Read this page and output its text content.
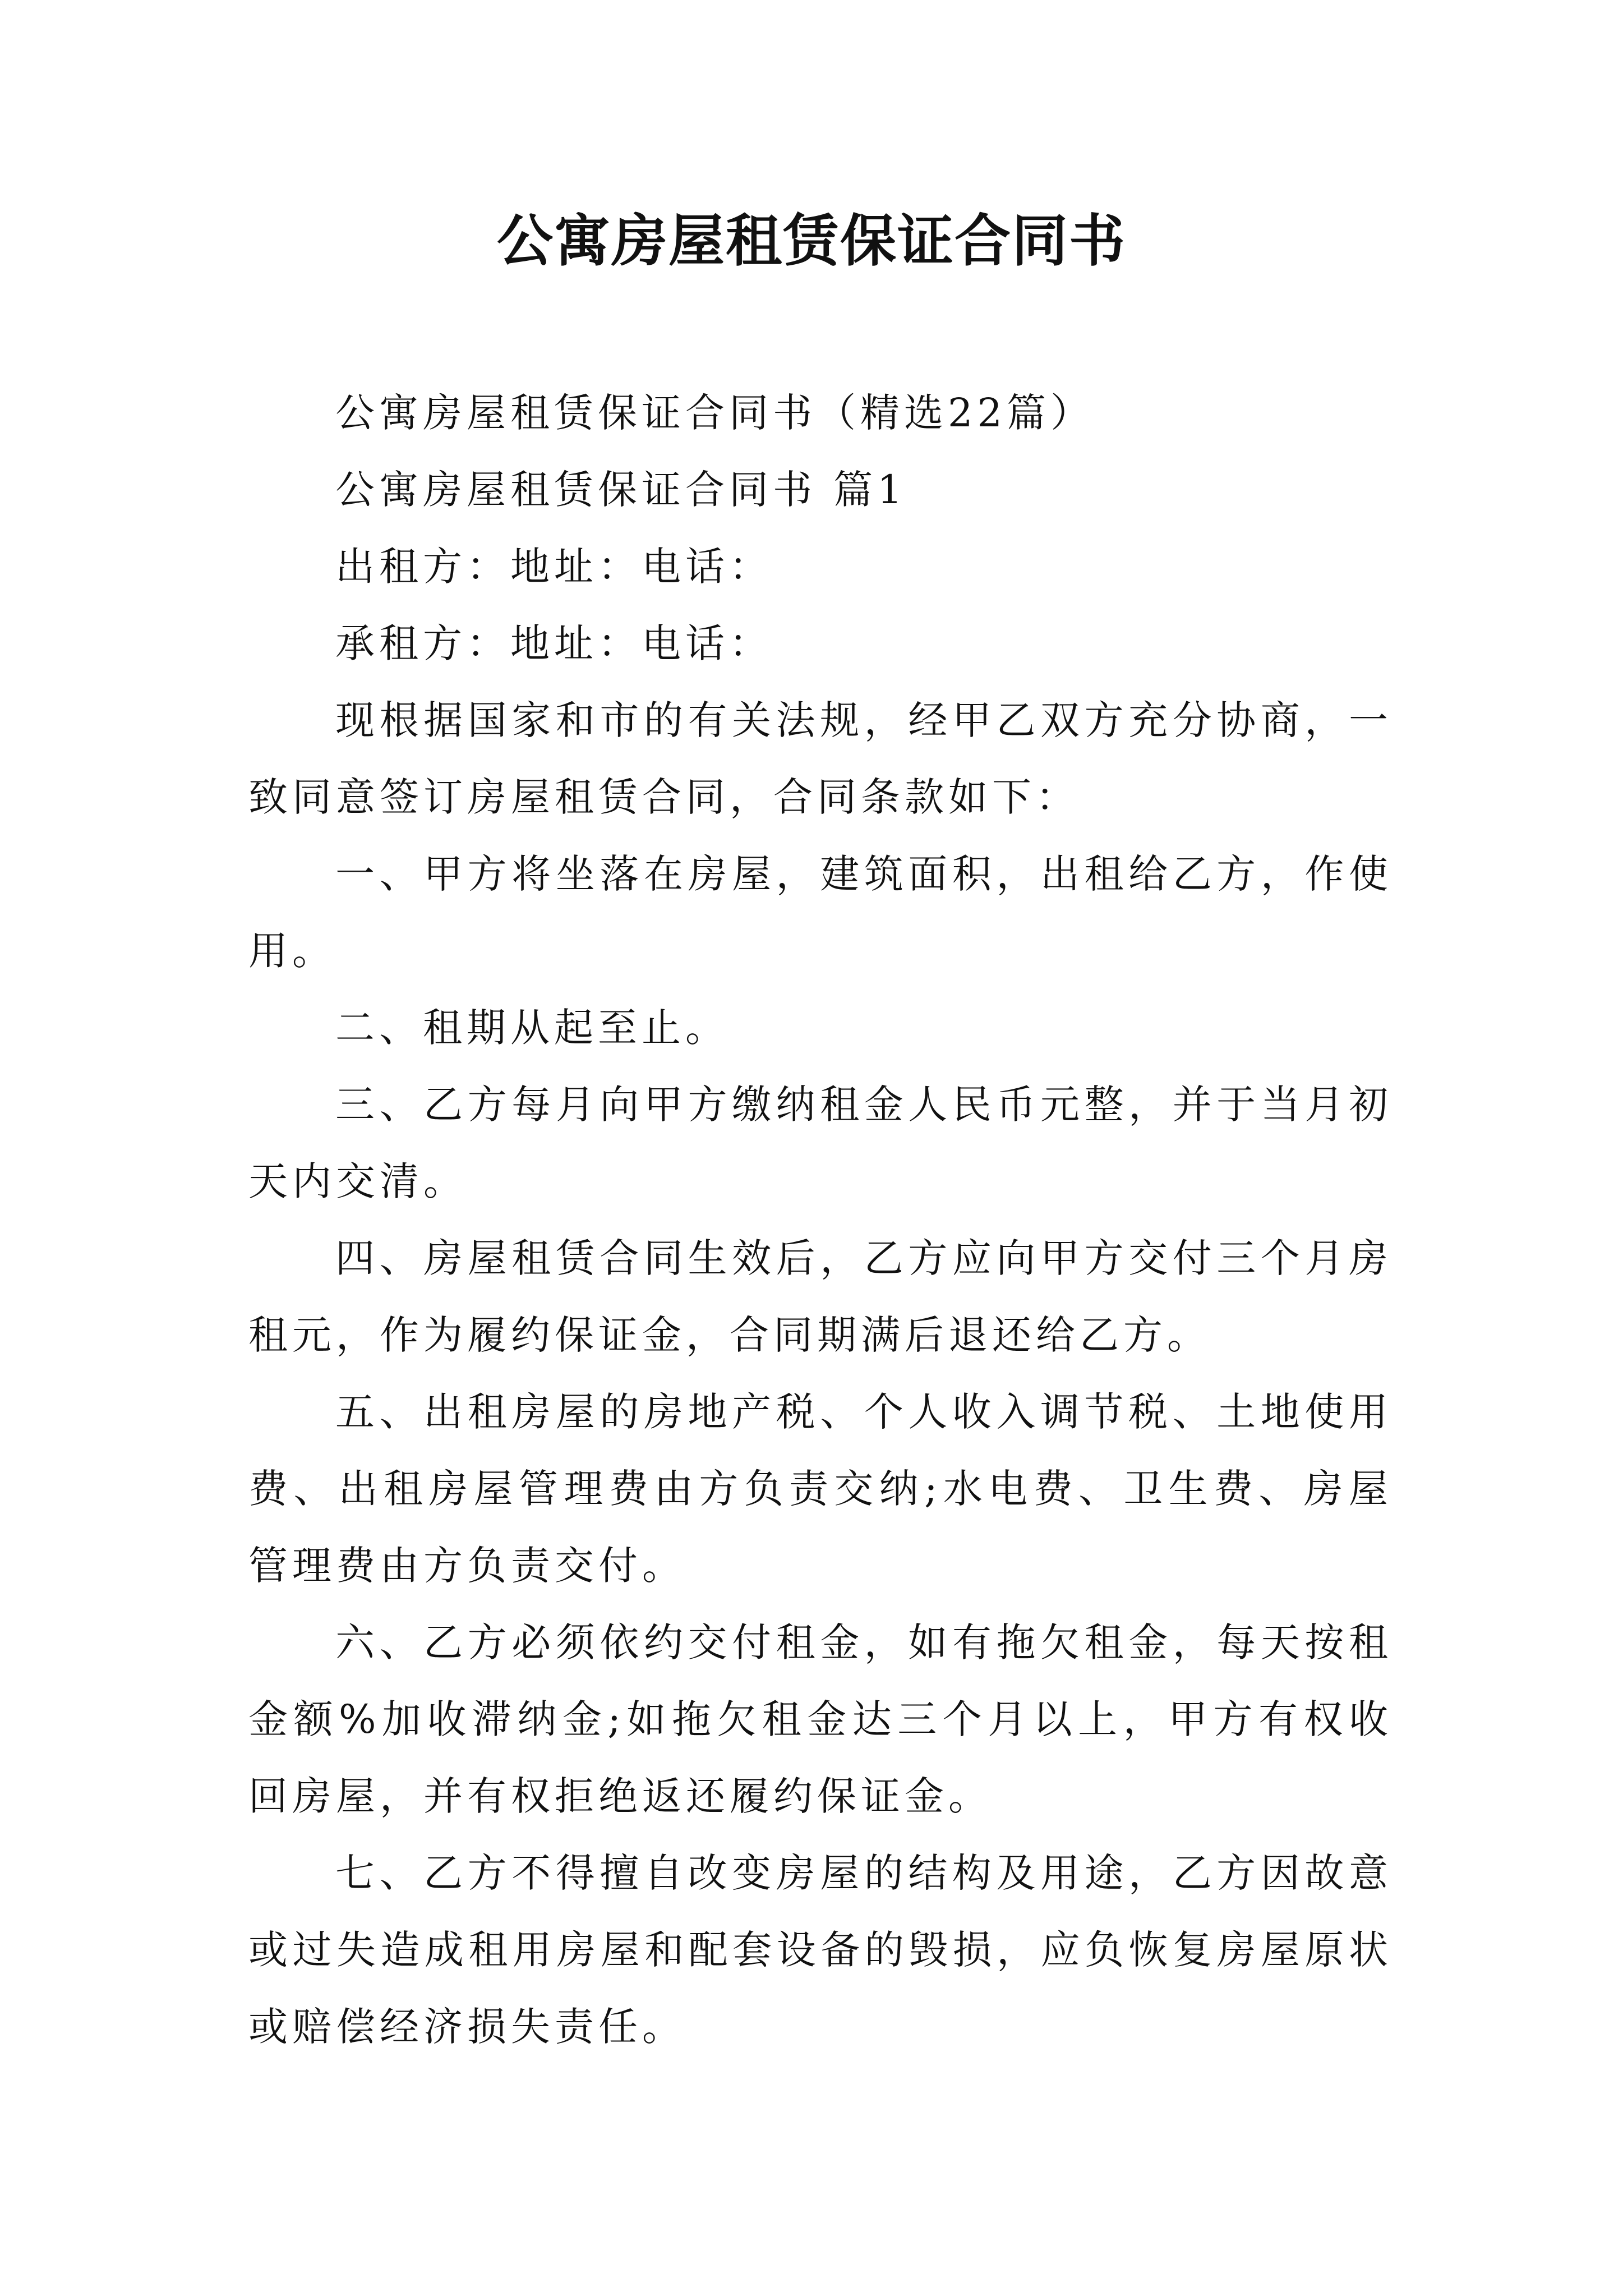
公寓房屋租赁保证合同书

公寓房屋租赁保证合同书（精选22篇）

公寓房屋租赁保证合同书 篇1

出租方：地址：电话：

承租方：地址：电话：

现根据国家和市的有关法规，经甲乙双方充分协商，一致同意签订房屋租赁合同，合同条款如下：

一、甲方将坐落在房屋，建筑面积，出租给乙方，作使用。

二、租期从起至止。

三、乙方每月向甲方缴纳租金人民币元整，并于当月初天内交清。

四、房屋租赁合同生效后，乙方应向甲方交付三个月房租元，作为履约保证金，合同期满后退还给乙方。

五、出租房屋的房地产税、个人收入调节税、土地使用费、出租房屋管理费由方负责交纳;水电费、卫生费、房屋管理费由方负责交付。

六、乙方必须依约交付租金，如有拖欠租金，每天按租金额%加收滞纳金;如拖欠租金达三个月以上，甲方有权收回房屋，并有权拒绝返还履约保证金。

七、乙方不得擅自改变房屋的结构及用途，乙方因故意或过失造成租用房屋和配套设备的毁损，应负恢复房屋原状或赔偿经济损失责任。
